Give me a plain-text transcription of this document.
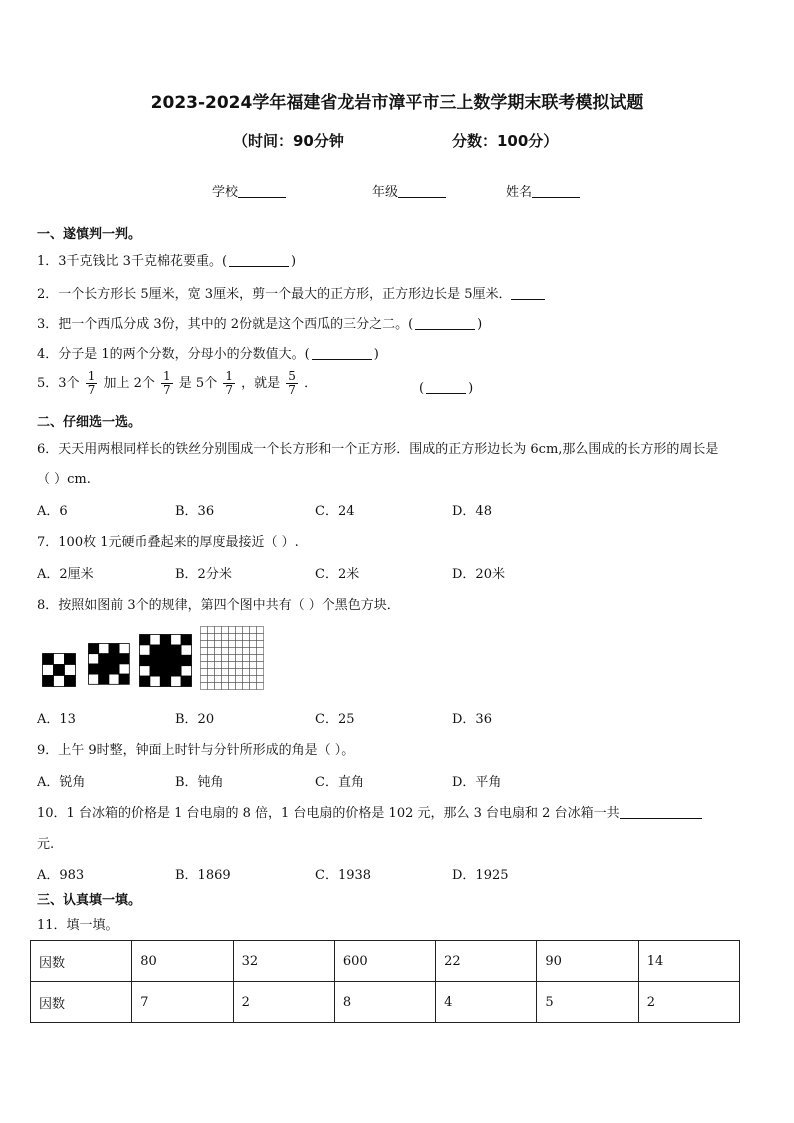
2023-2024学年福建省龙岩市漳平市三上数学期末联考模拟试题
（时间：90分钟	分数：100分）
学校	年级	姓名
一、遂慎判一判。
1．3千克钱比 3千克棉花要重。(	)
2．一个长方形长 5厘米，宽 3厘米，剪一个最大的正方形，正方形边长是 5厘米．
3．把一个西瓜分成 3份，其中的 2份就是这个西瓜的三分之二。(	)
4．分子是 1的两个分数，分母小的分数值大。(	)
5．3个 $\frac{1}{7}$ 加上 2个 $\frac{1}{7}$ 是 5个 $\frac{1}{7}$ ，就是 $\frac{5}{7}$ ．	(	)
二、仔细选一选。
6．天天用两根同样长的铁丝分别围成一个长方形和一个正方形．围成的正方形边长为 6cm,那么围成的长方形的周长是
（ ）cm.
A．6	B．36	C．24	D．48
7．100枚 1元硬币叠起来的厚度最接近（ ）.
A．2厘米	B．2分米	C．2米	D．20米
8．按照如图前 3个的规律，第四个图中共有（ ）个黑色方块．
A．13	B．20	C．25	D．36
9．上午 9时整，钟面上时针与分针所形成的角是（ ）。
A．锐角	B．钝角	C．直角	D．平角
10．1 台冰箱的价格是 1 台电扇的 8 倍，1 台电扇的价格是 102 元，那么 3 台电扇和 2 台冰箱一共
元.
A．983	B．1869	C．1938	D．1925
三、认真填一填。
11．填一填。
因数	80	32	600	22	90	14
因数	7	2	8	4	5	2
